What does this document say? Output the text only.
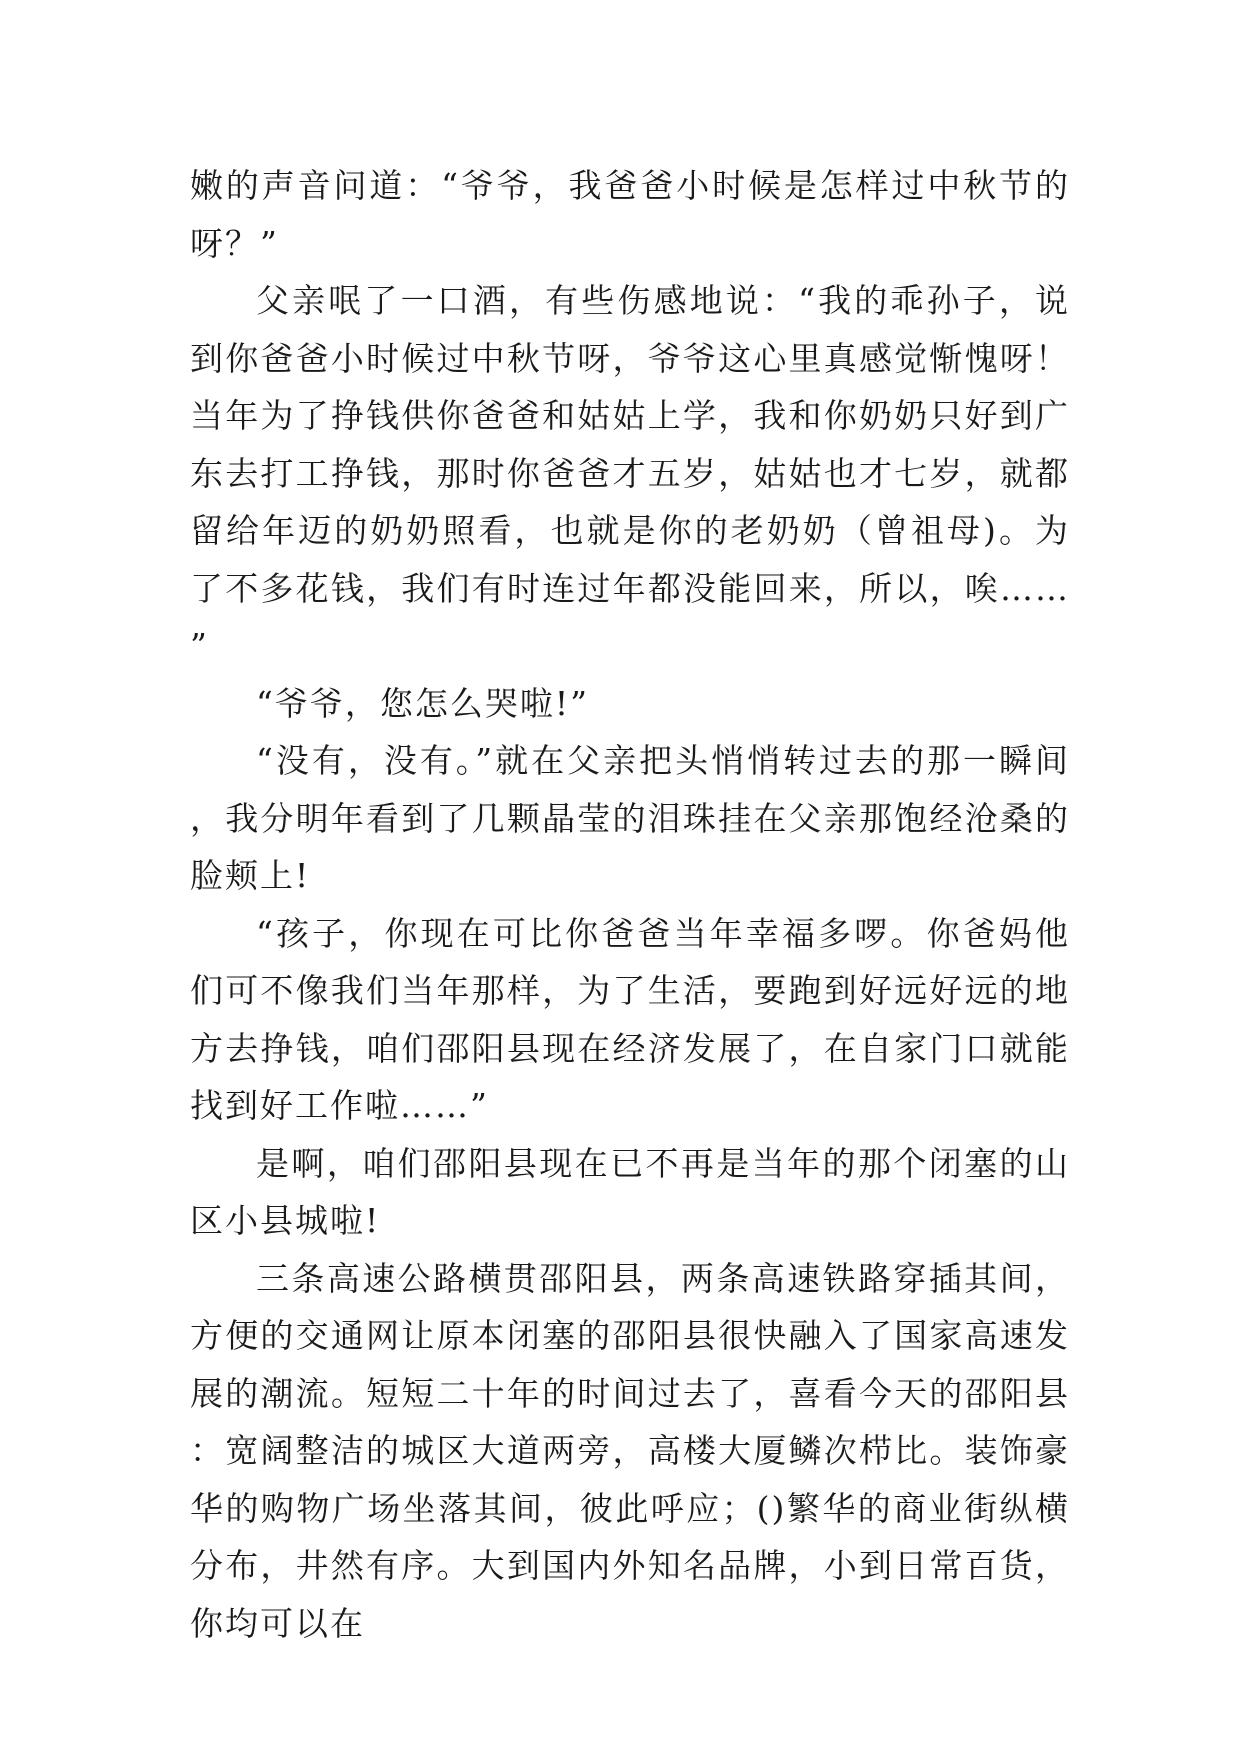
嫩的声音问道：“爷爷，我爸爸小时候是怎样过中秋节的呀？”

父亲呡了一口酒，有些伤感地说：“我的乖孙子，说到你爸爸小时候过中秋节呀，爷爷这心里真感觉惭愧呀！当年为了挣钱供你爸爸和姑姑上学，我和你奶奶只好到广东去打工挣钱，那时你爸爸才五岁，姑姑也才七岁，就都留给年迈的奶奶照看，也就是你的老奶奶（曾祖母)。为了不多花钱，我们有时连过年都没能回来，所以，唉……”

“爷爷，您怎么哭啦!”

“没有，没有。”就在父亲把头悄悄转过去的那一瞬间，我分明年看到了几颗晶莹的泪珠挂在父亲那饱经沧桑的脸颊上!

“孩子，你现在可比你爸爸当年幸福多啰。你爸妈他们可不像我们当年那样，为了生活，要跑到好远好远的地方去挣钱，咱们邵阳县现在经济发展了，在自家门口就能找到好工作啦……”

是啊，咱们邵阳县现在已不再是当年的那个闭塞的山区小县城啦!

三条高速公路横贯邵阳县，两条高速铁路穿插其间，方便的交通网让原本闭塞的邵阳县很快融入了国家高速发展的潮流。短短二十年的时间过去了，喜看今天的邵阳县：宽阔整洁的城区大道两旁，高楼大厦鳞次栉比。装饰豪华的购物广场坐落其间，彼此呼应；()繁华的商业街纵横分布，井然有序。大到国内外知名品牌，小到日常百货，你均可以在
